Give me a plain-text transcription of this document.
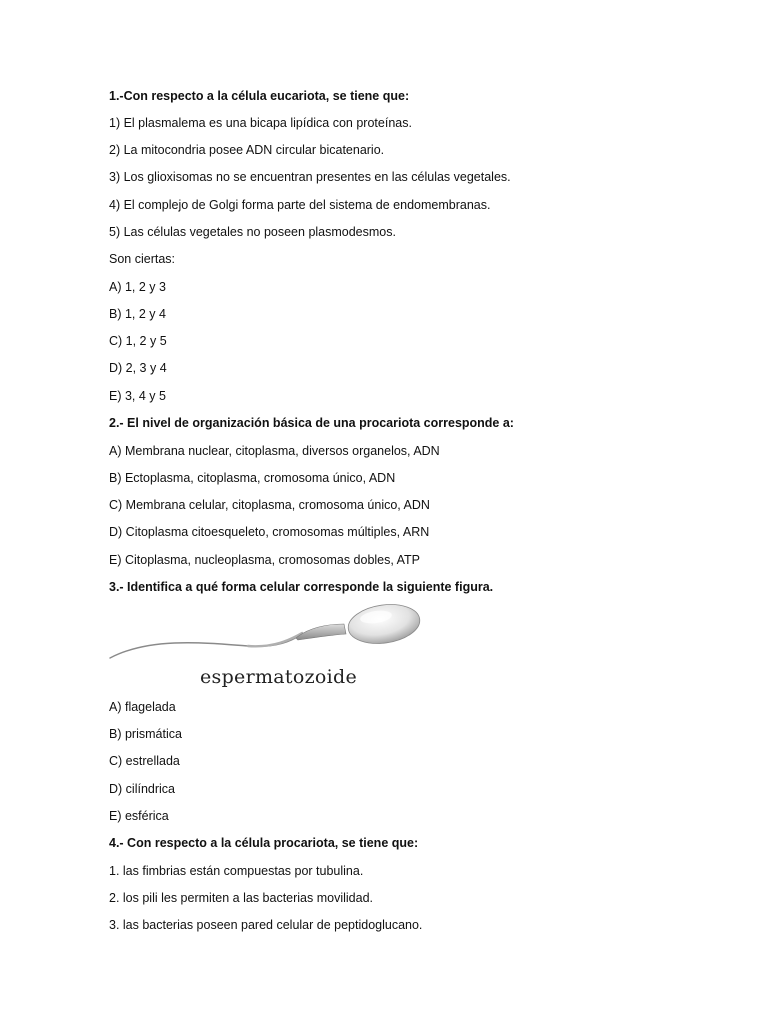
1.-Con respecto a la célula eucariota, se tiene que:
1) El plasmalema es una bicapa lipídica con proteínas.
2) La mitocondria posee ADN circular bicatenario.
3) Los glioxisomas no se encuentran presentes en las células vegetales.
4) El complejo de Golgi forma parte del sistema de endomembranas.
5) Las células vegetales no poseen plasmodesmos.
Son ciertas:
A) 1, 2 y 3
B) 1, 2 y 4
C) 1, 2 y 5
D) 2, 3 y 4
E) 3, 4 y 5
2.- El nivel de organización básica de una procariota corresponde a:
A) Membrana nuclear, citoplasma, diversos organelos, ADN
B) Ectoplasma, citoplasma, cromosoma único, ADN
C) Membrana celular, citoplasma, cromosoma único, ADN
D) Citoplasma citoesqueleto, cromosomas múltiples, ARN
E) Citoplasma, nucleoplasma, cromosomas dobles, ATP
3.- Identifica a qué forma celular corresponde la siguiente figura.
espermatozoide
A) flagelada
B) prismática
C) estrellada
D) cilíndrica
E) esférica
4.- Con respecto a la célula procariota, se tiene que:
1. las fimbrias están compuestas por tubulina.
2. los pili les permiten a las bacterias movilidad.
3. las bacterias poseen pared celular de peptidoglucano.
